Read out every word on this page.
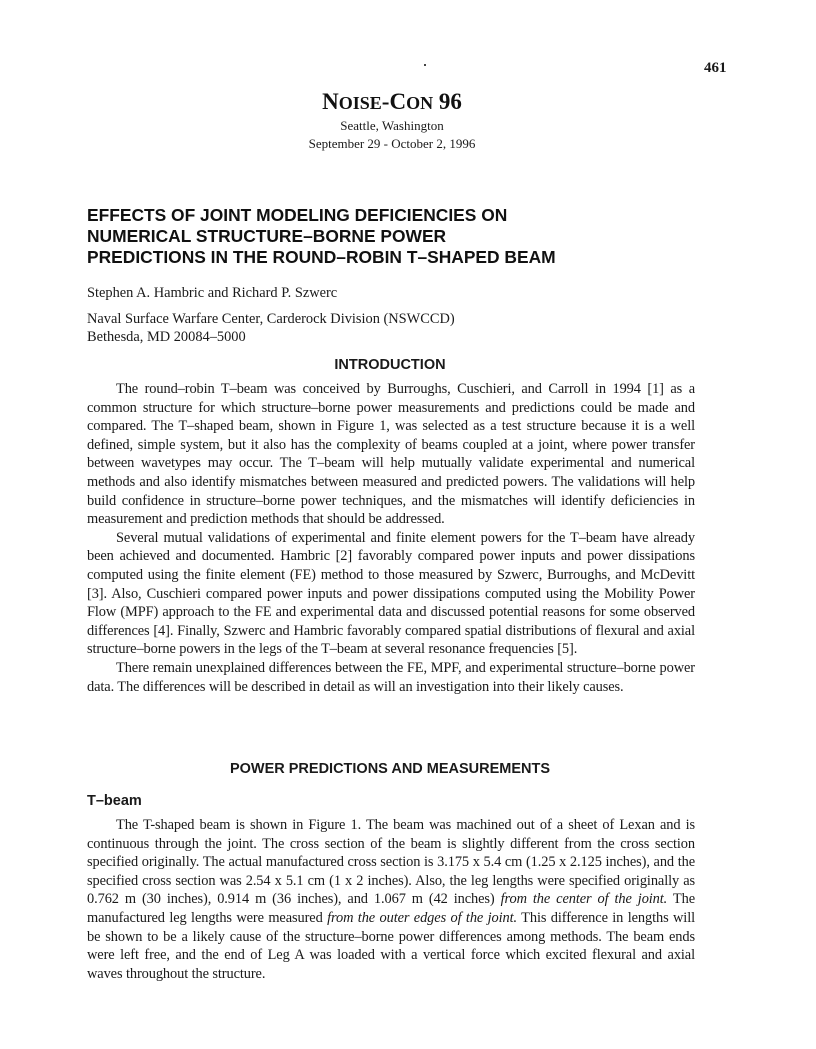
461
NOISE-CON 96
Seattle, Washington
September 29 - October 2, 1996
EFFECTS OF JOINT MODELING DEFICIENCIES ON
NUMERICAL STRUCTURE–BORNE POWER
PREDICTIONS IN THE ROUND–ROBIN T–SHAPED BEAM
Stephen A. Hambric and Richard P. Szwerc
Naval Surface Warfare Center, Carderock Division (NSWCCD)
Bethesda, MD 20084–5000
INTRODUCTION

The round–robin T–beam was conceived by Burroughs, Cuschieri, and Carroll in 1994 [1] as a common structure for which structure–borne power measurements and predictions could be made and compared. The T–shaped beam, shown in Figure 1, was selected as a test structure because it is a well defined, simple system, but it also has the complexity of beams coupled at a joint, where power transfer between wavetypes may occur. The T–beam will help mutually validate experimental and numerical methods and also identify mismatches between measured and predicted powers. The validations will help build confidence in structure–borne power techniques, and the mismatches will identify deficiencies in measurement and prediction methods that should be addressed.

Several mutual validations of experimental and finite element powers for the T–beam have already been achieved and documented. Hambric [2] favorably compared power inputs and power dissipations computed using the finite element (FE) method to those measured by Szwerc, Burroughs, and McDevitt [3]. Also, Cuschieri compared power inputs and power dissipations computed using the Mobility Power Flow (MPF) approach to the FE and experimental data and discussed potential reasons for some observed differences [4]. Finally, Szwerc and Hambric favorably compared spatial distributions of flexural and axial structure–borne powers in the legs of the T–beam at several resonance frequencies [5].

There remain unexplained differences between the FE, MPF, and experimental structure–borne power data. The differences will be described in detail as will an investigation into their likely causes.

POWER PREDICTIONS AND MEASUREMENTS
T–beam

The T-shaped beam is shown in Figure 1. The beam was machined out of a sheet of Lexan and is continuous through the joint. The cross section of the beam is slightly different from the cross section specified originally. The actual manufactured cross section is 3.175 x 5.4 cm (1.25 x 2.125 inches), and the specified cross section was 2.54 x 5.1 cm (1 x 2 inches). Also, the leg lengths were specified originally as 0.762 m (30 inches), 0.914 m (36 inches), and 1.067 m (42 inches) from the center of the joint. The manufactured leg lengths were measured from the outer edges of the joint. This difference in lengths will be shown to be a likely cause of the structure–borne power differences among methods. The beam ends were left free, and the end of Leg A was loaded with a vertical force which excited flexural and axial waves throughout the structure.
